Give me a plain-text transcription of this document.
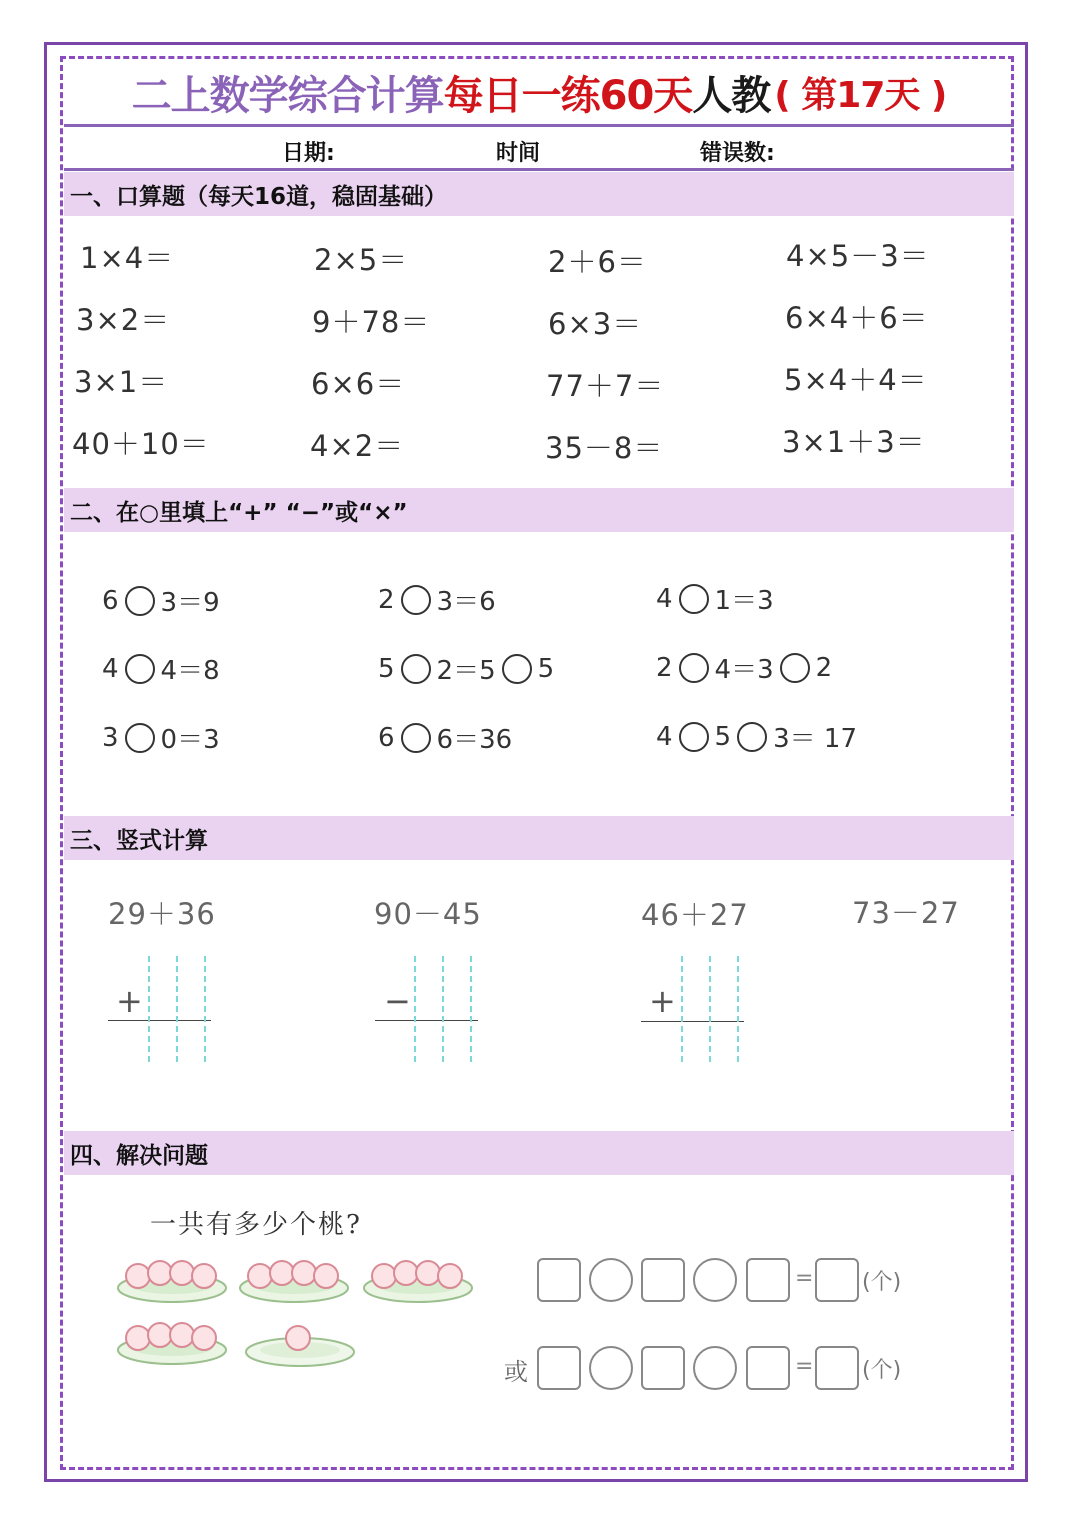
二上数学综合计算 每日一练60天 人教 ( 第17天 )
日期:	时间	错误数:
一、口算题（每天16道，稳固基础）
1×4＝	2×5＝	2＋6＝	4×5－3＝
3×2＝	9＋78＝	6×3＝	6×4＋6＝
3×1＝	6×6＝	77＋7＝	5×4＋4＝
40＋10＝	4×2＝	35－8＝	3×1＋3＝
二、在○里填上“+” “−”或“×”
6 3＝9	2 3＝6	4 1＝3
4 4＝8	5 2＝5 5	2 4＝3 2
3 0＝3	6 6＝36	4 5 3＝ 17
三、竖式计算
29＋36	90－45	46＋27	73－27
+	−	+
四、解决问题
一共有多少个桃?
= (个)
或	= (个)
